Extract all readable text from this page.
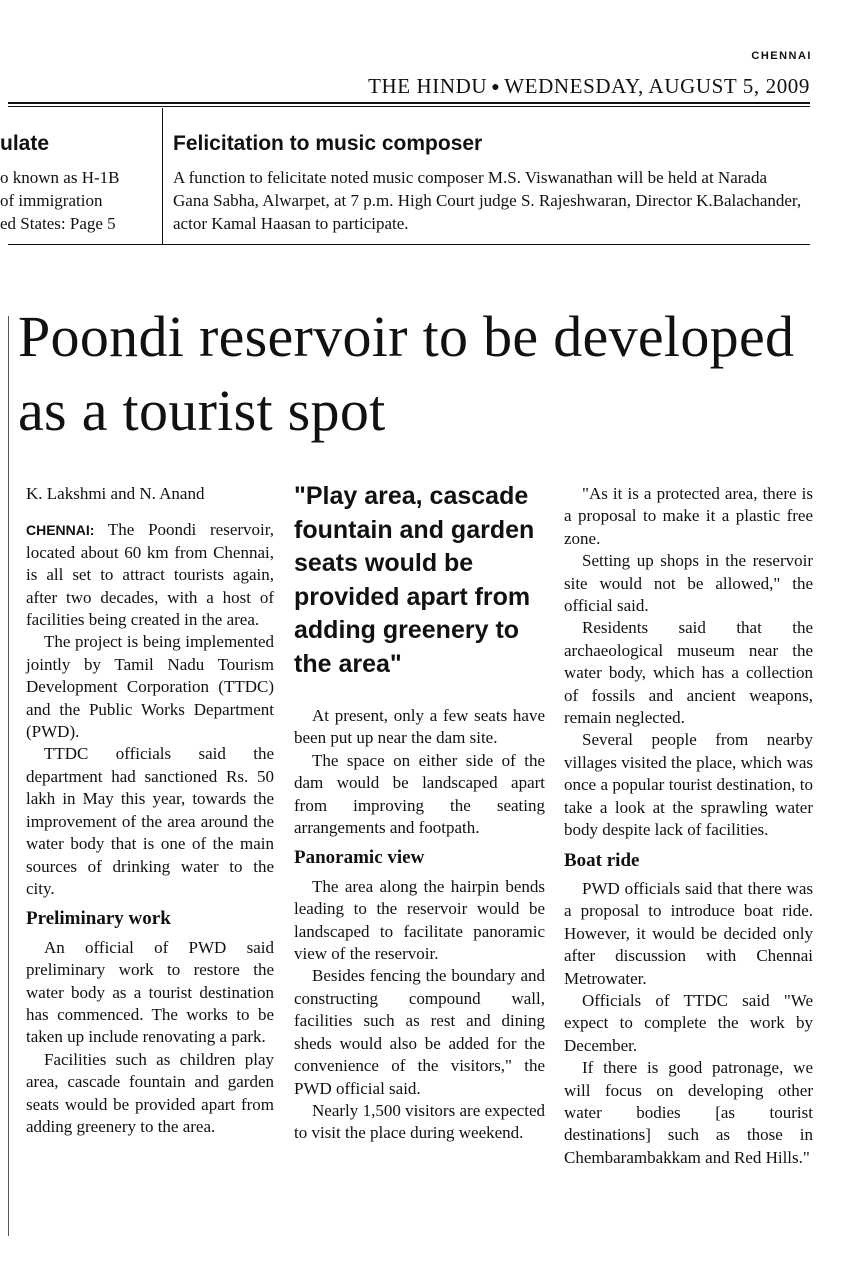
CHENNAI
THE HINDU ● WEDNESDAY, AUGUST 5, 2009
ulate
o known as H-1B
of immigration
ed States: Page 5
Felicitation to music composer
A function to felicitate noted music composer M.S. Viswanathan will be held at Narada Gana Sabha, Alwarpet, at 7 p.m. High Court judge S. Rajeshwaran, Director K.Balachander, actor Kamal Haasan to participate.
Poondi reservoir to be developed as a tourist spot
K. Lakshmi and N. Anand

CHENNAI: The Poondi reservoir, located about 60 km from Chennai, is all set to attract tourists again, after two decades, with a host of facilities being created in the area.

The project is being implemented jointly by Tamil Nadu Tourism Development Corporation (TTDC) and the Public Works Department (PWD).

TTDC officials said the department had sanctioned Rs. 50 lakh in May this year, towards the improvement of the area around the water body that is one of the main sources of drinking water to the city.

Preliminary work

An official of PWD said preliminary work to restore the water body as a tourist destination has commenced. The works to be taken up include renovating a park.

Facilities such as children play area, cascade fountain and garden seats would be provided apart from adding greenery to the area.

"Play area, cascade fountain and garden seats would be provided apart from adding greenery to the area"

At present, only a few seats have been put up near the dam site.

The space on either side of the dam would be landscaped apart from improving the seating arrangements and footpath.

Panoramic view

The area along the hairpin bends leading to the reservoir would be landscaped to facilitate panoramic view of the reservoir.

Besides fencing the boundary and constructing compound wall, facilities such as rest and dining sheds would also be added for the convenience of the visitors," the PWD official said.

Nearly 1,500 visitors are expected to visit the place during weekend.

"As it is a protected area, there is a proposal to make it a plastic free zone.

Setting up shops in the reservoir site would not be allowed," the official said.

Residents said that the archaeological museum near the water body, which has a collection of fossils and ancient weapons, remain neglected.

Several people from nearby villages visited the place, which was once a popular tourist destination, to take a look at the sprawling water body despite lack of facilities.

Boat ride

PWD officials said that there was a proposal to introduce boat ride. However, it would be decided only after discussion with Chennai Metrowater.

Officials of TTDC said "We expect to complete the work by December.

If there is good patronage, we will focus on developing other water bodies [as tourist destinations] such as those in Chembarambakkam and Red Hills."
